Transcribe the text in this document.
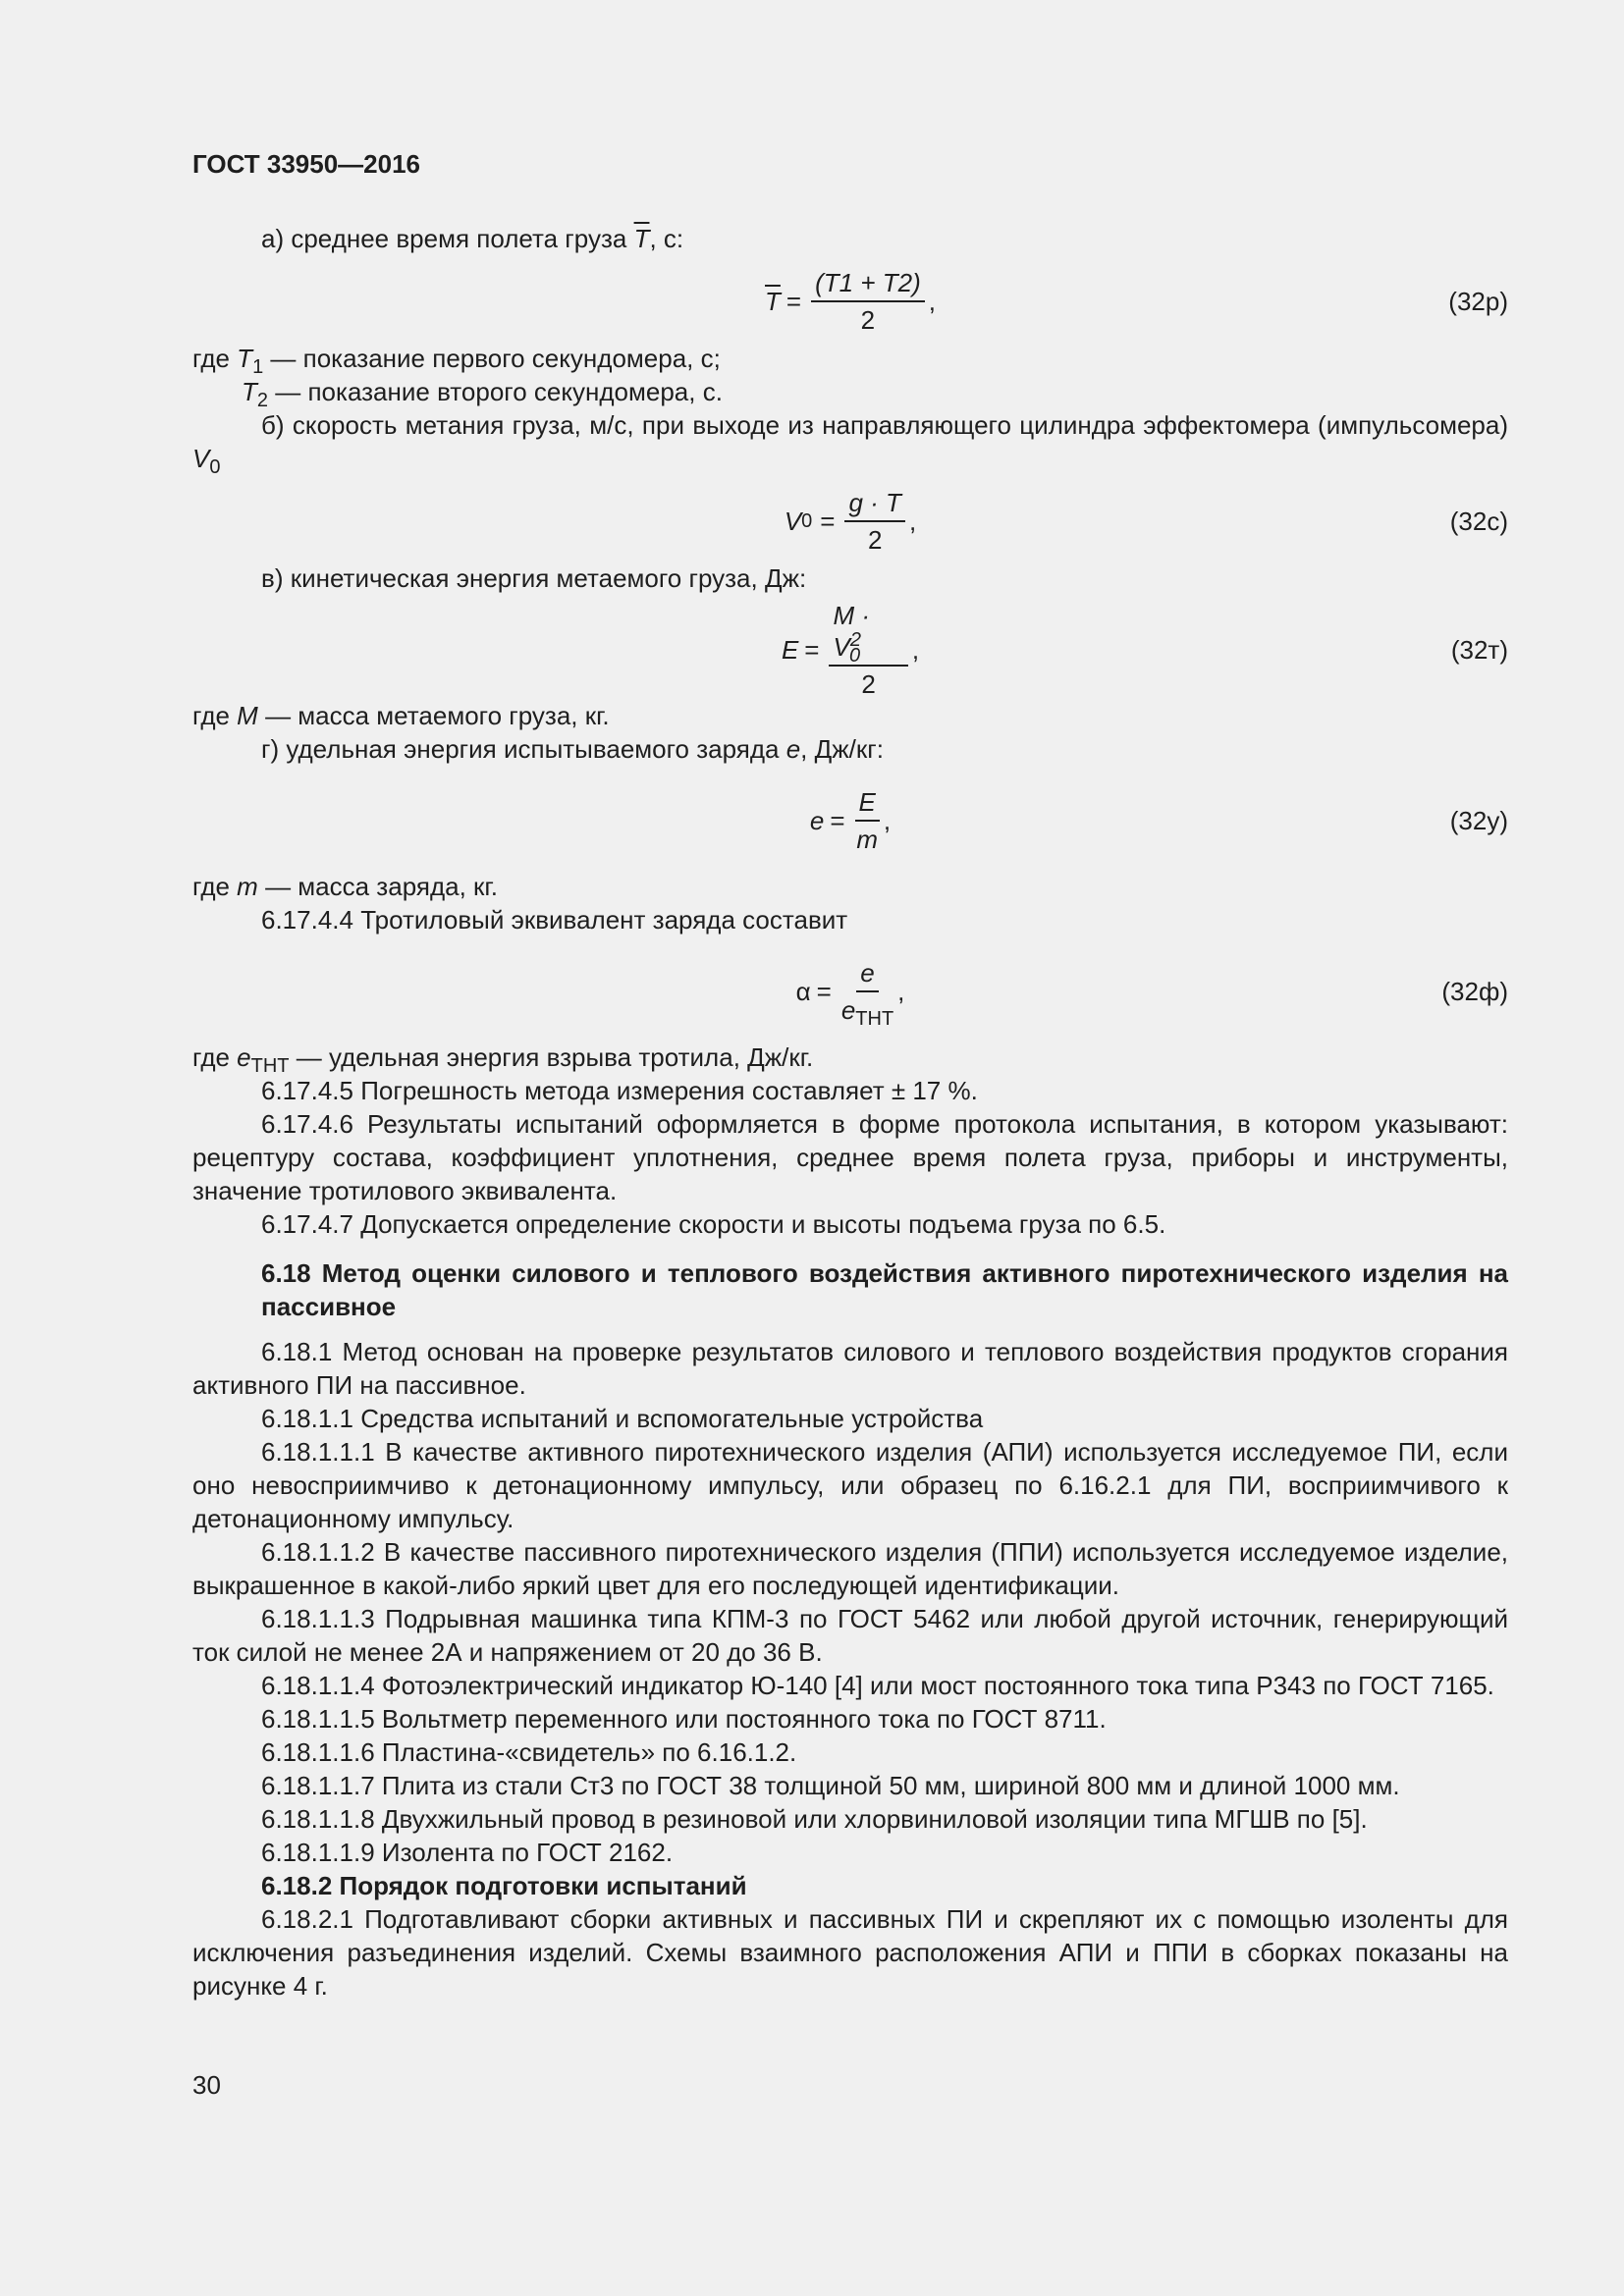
ГОСТ 33950—2016

а) среднее время полета груза $\overline{T}$, с:

$\overline{T} = \frac{(T1 + T2)}{2}$ ,	(32р)

где $T_1$ — показание первого секундомера, с;

$T_2$ — показание второго секундомера, с.

б) скорость метания груза, м/с, при выходе из направляющего цилиндра эффектомера (импульсомера) $V_0$

V $0 = \frac{g \cdot T}{2}$ ,	(32с)

в) кинетическая энергия метаемого груза, Дж:

$E = \frac{M \cdot V^2_0}{2}$ ,	(32т)

где M — масса метаемого груза, кг.

г) удельная энергия испытываемого заряда e, Дж/кг:

$e = \frac{E}{m}$ ,	(32у)

где m — масса заряда, кг.

6.17.4.4 Тротиловый эквивалент заряда составит

$\alpha = \frac{e}{e_{ТНТ}}$ ,	(32ф)

где $e_{ТНТ}$ — удельная энергия взрыва тротила, Дж/кг.

6.17.4.5 Погрешность метода измерения составляет ± 17 %.

6.17.4.6 Результаты испытаний оформляется в форме протокола испытания, в котором указывают: рецептуру состава, коэффициент уплотнения, среднее время полета груза, приборы и инструменты, значение тротилового эквивалента.

6.17.4.7 Допускается определение скорости и высоты подъема груза по 6.5.

6.18 Метод оценки силового и теплового воздействия активного пиротехнического изделия на пассивное

6.18.1 Метод основан на проверке результатов силового и теплового воздействия продуктов сгорания активного ПИ на пассивное.

6.18.1.1 Средства испытаний и вспомогательные устройства

6.18.1.1.1 В качестве активного пиротехнического изделия (АПИ) используется исследуемое ПИ, если оно невосприимчиво к детонационному импульсу, или образец по 6.16.2.1 для ПИ, восприимчивого к детонационному импульсу.

6.18.1.1.2 В качестве пассивного пиротехнического изделия (ППИ) используется исследуемое изделие, выкрашенное в какой-либо яркий цвет для его последующей идентификации.

6.18.1.1.3 Подрывная машинка типа КПМ-3 по ГОСТ 5462 или любой другой источник, генерирующий ток силой не менее 2А и напряжением от 20 до 36 В.

6.18.1.1.4 Фотоэлектрический индикатор Ю-140 [4] или мост постоянного тока типа Р343 по ГОСТ 7165.

6.18.1.1.5 Вольтметр переменного или постоянного тока по ГОСТ 8711.

6.18.1.1.6 Пластина-«свидетель» по 6.16.1.2.

6.18.1.1.7 Плита из стали Ст3 по ГОСТ 38 толщиной 50 мм, шириной 800 мм и длиной 1000 мм.

6.18.1.1.8 Двухжильный провод в резиновой или хлорвиниловой изоляции типа МГШВ по [5].

6.18.1.1.9 Изолента по ГОСТ 2162.

6.18.2 Порядок подготовки испытаний

6.18.2.1 Подготавливают сборки активных и пассивных ПИ и скрепляют их с помощью изоленты для исключения разъединения изделий. Схемы взаимного расположения АПИ и ППИ в сборках показаны на рисунке 4 г.

30
